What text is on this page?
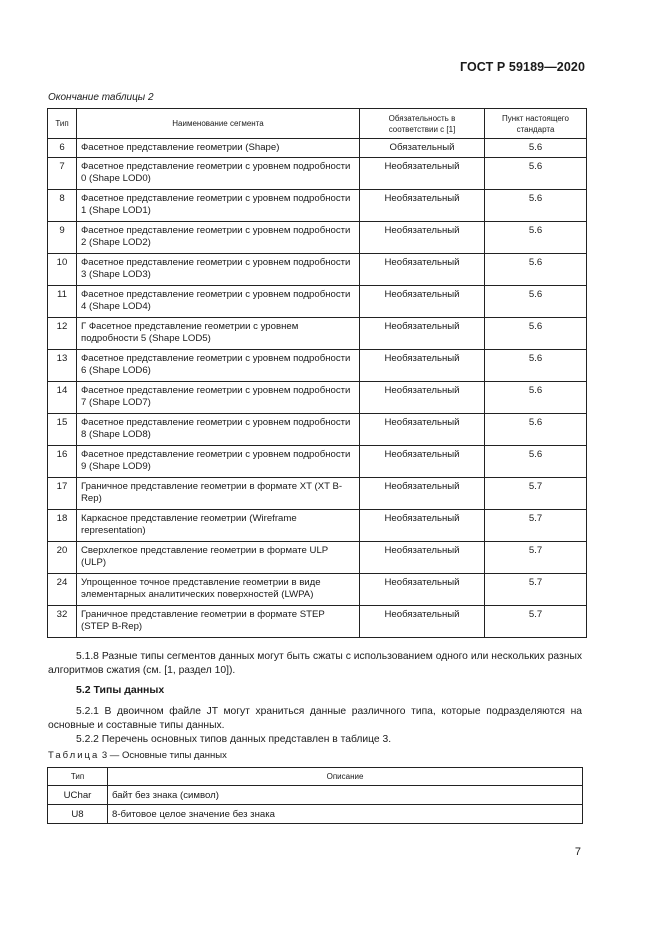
ГОСТ Р 59189—2020
Окончание таблицы 2
Тип	Наименование сегмента	Обязательность в соответствии с [1]	Пункт настоящего стандарта
6	Фасетное представление геометрии (Shape)	Обязательный	5.6
7	Фасетное представление геометрии с уровнем подробности 0 (Shape LOD0)	Необязательный	5.6
8	Фасетное представление геометрии с уровнем подробности 1 (Shape LOD1)	Необязательный	5.6
9	Фасетное представление геометрии с уровнем подробности 2 (Shape LOD2)	Необязательный	5.6
10	Фасетное представление геометрии с уровнем подробности 3 (Shape LOD3)	Необязательный	5.6
11	Фасетное представление геометрии с уровнем подробности 4 (Shape LOD4)	Необязательный	5.6
12	Г Фасетное представление геометрии с уровнем подробности 5 (Shape LOD5)	Необязательный	5.6
13	Фасетное представление геометрии с уровнем подробности 6 (Shape LOD6)	Необязательный	5.6
14	Фасетное представление геометрии с уровнем подробности 7 (Shape LOD7)	Необязательный	5.6
15	Фасетное представление геометрии с уровнем подробности 8 (Shape LOD8)	Необязательный	5.6
16	Фасетное представление геометрии с уровнем подробности 9 (Shape LOD9)	Необязательный	5.6
17	Граничное представление геометрии в формате XT (XT B-Rep)	Необязательный	5.7
18	Каркасное представление геометрии (Wireframe representation)	Необязательный	5.7
20	Сверхлегкое представление геометрии в формате ULP (ULP)	Необязательный	5.7
24	Упрощенное точное представление геометрии в виде элементарных аналитических поверхностей (LWPA)	Необязательный	5.7
32	Граничное представление геометрии в формате STEP (STEP B-Rep)	Необязательный	5.7
5.1.8 Разные типы сегментов данных могут быть сжаты с использованием одного или нескольких разных алгоритмов сжатия (см. [1, раздел 10]).
5.2 Типы данных
5.2.1 В двоичном файле JT могут храниться данные различного типа, которые подразделяются на основные и составные типы данных.
5.2.2 Перечень основных типов данных представлен в таблице 3.
Таблица 3 — Основные типы данных
Тип	Описание
UChar	байт без знака (символ)
U8	8-битовое целое значение без знака
7
